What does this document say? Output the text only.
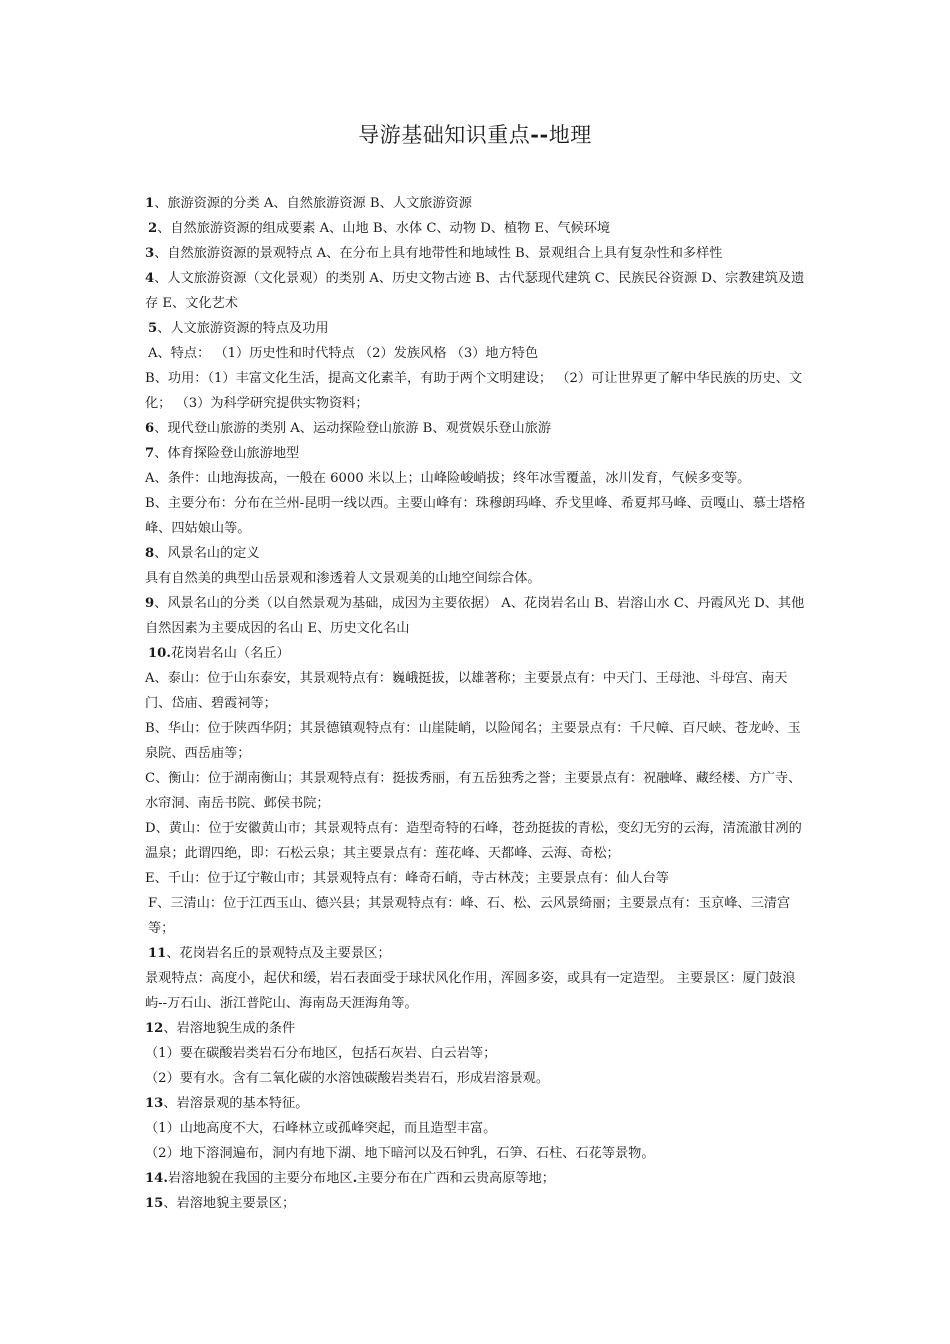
导游基础知识重点--地理

1、旅游资源的分类 A、自然旅游资源 B、人文旅游资源

2、自然旅游资源的组成要素 A、山地 B、水体 C、动物 D、植物 E、气候环境

3、自然旅游资源的景观特点 A、在分布上具有地带性和地域性 B、景观组合上具有复杂性和多样性

4、人文旅游资源（文化景观）的类别 A、历史文物古迹 B、古代瑟现代建筑 C、民族民谷资源 D、宗教建筑及遗存 E、文化艺术

5、人文旅游资源的特点及功用

A、特点： （1）历史性和时代特点 （2）发族风格 （3）地方特色

B、功用：（1）丰富文化生活，提高文化素羊，有助于两个文明建设； （2）可让世界更了解中华民族的历史、文化； （3）为科学研究提供实物资料；

6、现代登山旅游的类别 A、运动探险登山旅游 B、观赏娱乐登山旅游

7、体育探险登山旅游地型

A、条件：山地海拔高，一般在 6000 米以上；山峰险峻峭拔；终年冰雪覆盖，冰川发育，气候多变等。

B、主要分布：分布在兰州-昆明一线以西。主要山峰有：珠穆朗玛峰、乔戈里峰、希夏邦马峰、贡嘎山、慕士塔格峰、四姑娘山等。

8、风景名山的定义

具有自然美的典型山岳景观和渗透着人文景观美的山地空间综合体。

9、风景名山的分类（以自然景观为基础，成因为主要依据） A、花岗岩名山 B、岩溶山水 C、丹霞风光 D、其他自然因素为主要成因的名山 E、历史文化名山

10.花岗岩名山（名丘）

A、泰山：位于山东泰安，其景观特点有：巍峨挺拔，以雄著称；主要景点有：中天门、王母池、斗母宫、南天门、岱庙、碧霞祠等；

B、华山：位于陕西华阴；其景德镇观特点有：山崖陡峭，以险闻名；主要景点有：千尺幛、百尺峡、苍龙岭、玉泉院、西岳庙等；

C、衡山：位于湖南衡山；其景观特点有：挺拔秀丽，有五岳独秀之誉；主要景点有：祝融峰、藏经楼、方广寺、水帘洞、南岳书院、邺侯书院；

D、黄山：位于安徽黄山市；其景观特点有：造型奇特的石峰，苍劲挺拔的青松，变幻无穷的云海，清流澈甘冽的温泉；此谓四绝，即：石松云泉；其主要景点有：莲花峰、天都峰、云海、奇松；

E、千山：位于辽宁鞍山市；其景观特点有：峰奇石峭，寺古林茂；主要景点有：仙人台等

F、三清山：位于江西玉山、德兴县；其景观特点有：峰、石、松、云风景绮丽；主要景点有：玉京峰、三清宫等；

11、花岗岩名丘的景观特点及主要景区；

景观特点：高度小，起伏和缓，岩石表面受于球状风化作用，浑圆多姿，或具有一定造型。 主要景区：厦门鼓浪屿--万石山、浙江普陀山、海南岛天涯海角等。

12、岩溶地貌生成的条件

（1）要在碳酸岩类岩石分布地区，包括石灰岩、白云岩等；

（2）要有水。含有二氧化碳的水溶蚀碳酸岩类岩石，形成岩溶景观。

13、岩溶景观的基本特征。

（1）山地高度不大，石峰林立或孤峰突起，而且造型丰富。

（2）地下溶洞遍布，洞内有地下湖、地下暗河以及石钟乳，石笋、石柱、石花等景物。

14.岩溶地貌在我国的主要分布地区.主要分布在广西和云贵高原等地；

15、岩溶地貌主要景区；
